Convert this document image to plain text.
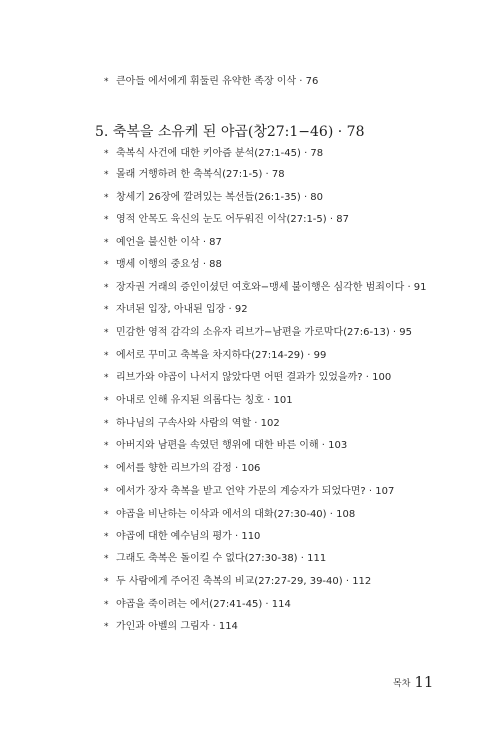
* 큰아들 에서에게 휘둘린 유약한 족장 이삭 · 76
5. 축복을 소유케 된 야곱(창27:1−46) · 78
* 축복식 사건에 대한 키아즘 분석(27:1-45) · 78
* 몰래 거행하려 한 축복식(27:1-5) · 78
* 창세기 26장에 깔려있는 복선들(26:1-35) · 80
* 영적 안목도 육신의 눈도 어두워진 이삭(27:1-5) · 87
* 예언을 불신한 이삭 · 87
* 맹세 이행의 중요성 · 88
* 장자권 거래의 증인이셨던 여호와−맹세 불이행은 심각한 범죄이다 · 91
* 자녀된 입장, 아내된 입장 · 92
* 민감한 영적 감각의 소유자 리브가−남편을 가로막다(27:6-13) · 95
* 에서로 꾸미고 축복을 차지하다(27:14-29) · 99
* 리브가와 야곱이 나서지 않았다면 어떤 결과가 있었을까? · 100
* 아내로 인해 유지된 의롭다는 칭호 · 101
* 하나님의 구속사와 사람의 역할 · 102
* 아버지와 남편을 속였던 행위에 대한 바른 이해 · 103
* 에서를 향한 리브가의 감정 · 106
* 에서가 장자 축복을 받고 언약 가문의 계승자가 되었다면? · 107
* 야곱을 비난하는 이삭과 에서의 대화(27:30-40) · 108
* 야곱에 대한 예수님의 평가 · 110
* 그래도 축복은 돌이킬 수 없다(27:30-38) · 111
* 두 사람에게 주어진 축복의 비교(27:27-29, 39-40) · 112
* 야곱을 죽이려는 에서(27:41-45) · 114
* 가인과 아벨의 그림자 · 114
목차 11
